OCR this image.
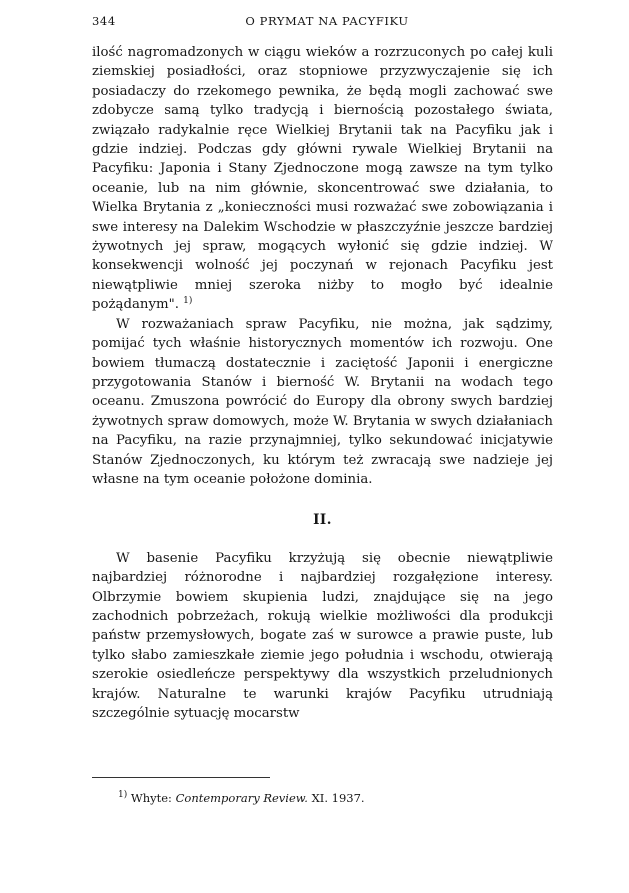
344	O PRYMAT NA PACYFIKU

ilość nagromadzonych w ciągu wieków a rozrzuconych po całej kuli ziemskiej posiadłości, oraz stopniowe przyzwyczajenie się ich posiadaczy do rzekomego pewnika, że będą mogli zachować swe zdobycze samą tylko tradycją i biernością pozostałego świata, związało radykalnie ręce Wielkiej Brytanii tak na Pacyfiku jak i gdzie indziej. Podczas gdy główni rywale Wielkiej Brytanii na Pacyfiku: Japonia i Stany Zjednoczone mogą zawsze na tym tylko oceanie, lub na nim głównie, skoncentrować swe działania, to Wielka Brytania z „konieczności musi rozważać swe zobowiązania i swe interesy na Dalekim Wschodzie w płaszczyźnie jeszcze bardziej żywotnych jej spraw, mogących wyłonić się gdzie indziej. W konsekwencji wolność jej poczynań w rejonach Pacyfiku jest niewątpliwie mniej szeroka niżby to mogło być idealnie pożądanym". $^{1)}$

W rozważaniach spraw Pacyfiku, nie można, jak sądzimy, pomijać tych właśnie historycznych momentów ich rozwoju. One bowiem tłumaczą dostatecznie i zaciętość Japonii i energiczne przygotowania Stanów i bierność W. Brytanii na wodach tego oceanu. Zmuszona powrócić do Europy dla obrony swych bardziej żywotnych spraw domowych, może W. Brytania w swych działaniach na Pacyfiku, na razie przynajmniej, tylko sekundować inicjatywie Stanów Zjednoczonych, ku którym też zwracają swe nadzieje jej własne na tym oceanie położone dominia.

II.

W basenie Pacyfiku krzyżują się obecnie niewątpliwie najbardziej różnorodne i najbardziej rozgałęzione interesy. Olbrzymie bowiem skupienia ludzi, znajdujące się na jego zachodnich pobrzeżach, rokują wielkie możliwości dla produkcji państw przemysłowych, bogate zaś w surowce a prawie puste, lub tylko słabo zamieszkałe ziemie jego południa i wschodu, otwierają szerokie osiedleńcze perspektywy dla wszystkich przeludnionych krajów. Naturalne te warunki krajów Pacyfiku utrudniają szczególnie sytuację mocarstw

$^{1)}$ Whyte: Contemporary Review. XI. 1937.
